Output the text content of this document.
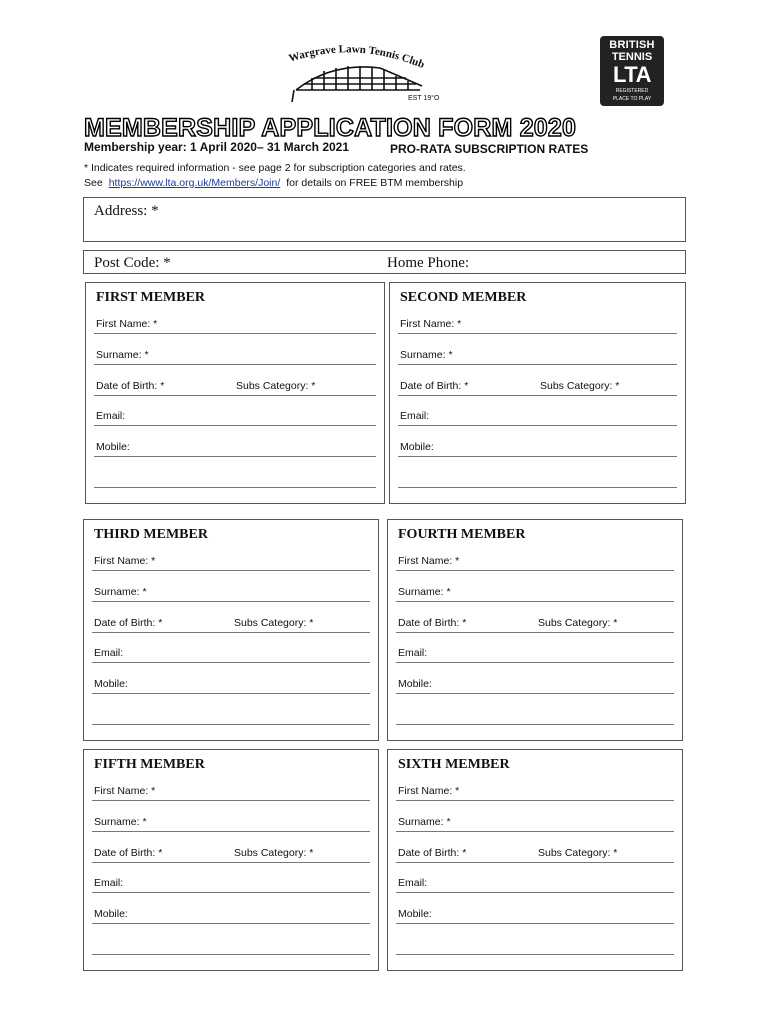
Wargrave Lawn Tennis Club
EST 19°O
BRITISH
TENNIS
LTA
REGISTERED
PLACE TO PLAY
MEMBERSHIP APPLICATION FORM 2020
Membership year: 1 April 2020– 31 March 2021	PRO-RATA SUBSCRIPTION RATES
* Indicates required information - see page 2 for subscription categories and rates.
See https://www.lta.org.uk/Members/Join/ for details on FREE BTM membership
Address: *
Post Code: *	Home Phone:
FIRST MEMBER
First Name: *
Surname: *
Date of Birth: *	Subs Category: *
Email:
Mobile:
SECOND MEMBER
First Name: *
Surname: *
Date of Birth: *	Subs Category: *
Email:
Mobile:
THIRD MEMBER
First Name: *
Surname: *
Date of Birth: *	Subs Category: *
Email:
Mobile:
FOURTH MEMBER
First Name: *
Surname: *
Date of Birth: *	Subs Category: *
Email:
Mobile:
FIFTH MEMBER
First Name: *
Surname: *
Date of Birth: *	Subs Category: *
Email:
Mobile:
SIXTH MEMBER
First Name: *
Surname: *
Date of Birth: *	Subs Category: *
Email:
Mobile:
